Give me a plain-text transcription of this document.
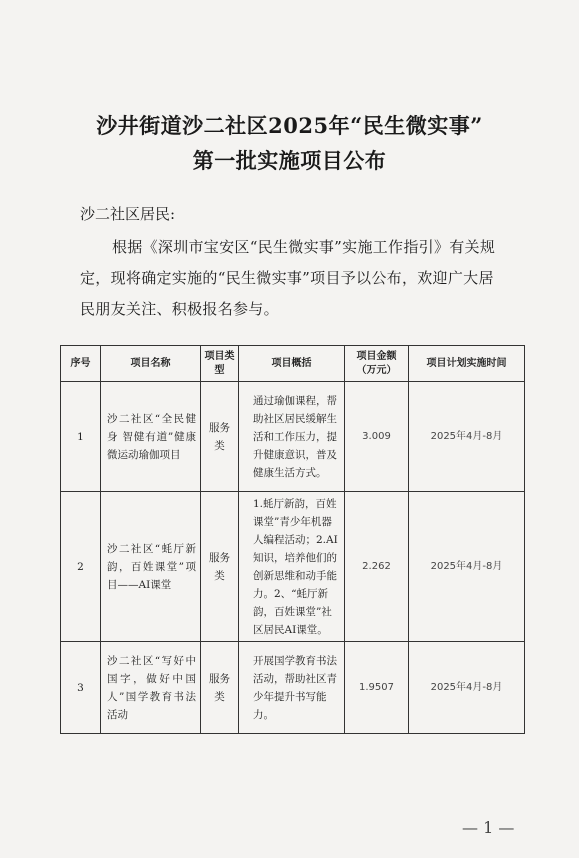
沙井街道沙二社区2025年“民生微实事”
第一批实施项目公布
沙二社区居民:
根据《深圳市宝安区“民生微实事”实施工作指引》有关规定，现将确定实施的“民生微实事”项目予以公布，欢迎广大居民朋友关注、积极报名参与。
序号	项目名称	项目类型	项目概括	项目金额（万元）	项目计划实施时间
1	沙二社区“全民健身 智健有道”健康微运动瑜伽项目	服务类	通过瑜伽课程，帮助社区居民缓解生活和工作压力，提升健康意识，普及健康生活方式。	3.009	2025年4月-8月
2	沙二社区“蚝厅新韵，百姓课堂”项目——AI课堂	服务类	1.蚝厅新韵，百姓课堂”青少年机器人编程活动；2.AI知识，培养他们的创新思维和动手能力。2、“蚝厅新韵，百姓课堂”社区居民AI课堂。	2.262	2025年4月-8月
3	沙二社区“写好中国字，做好中国人”国学教育书法活动	服务类	开展国学教育书法活动，帮助社区青少年提升书写能力。	1.9507	2025年4月-8月
— 1 —
